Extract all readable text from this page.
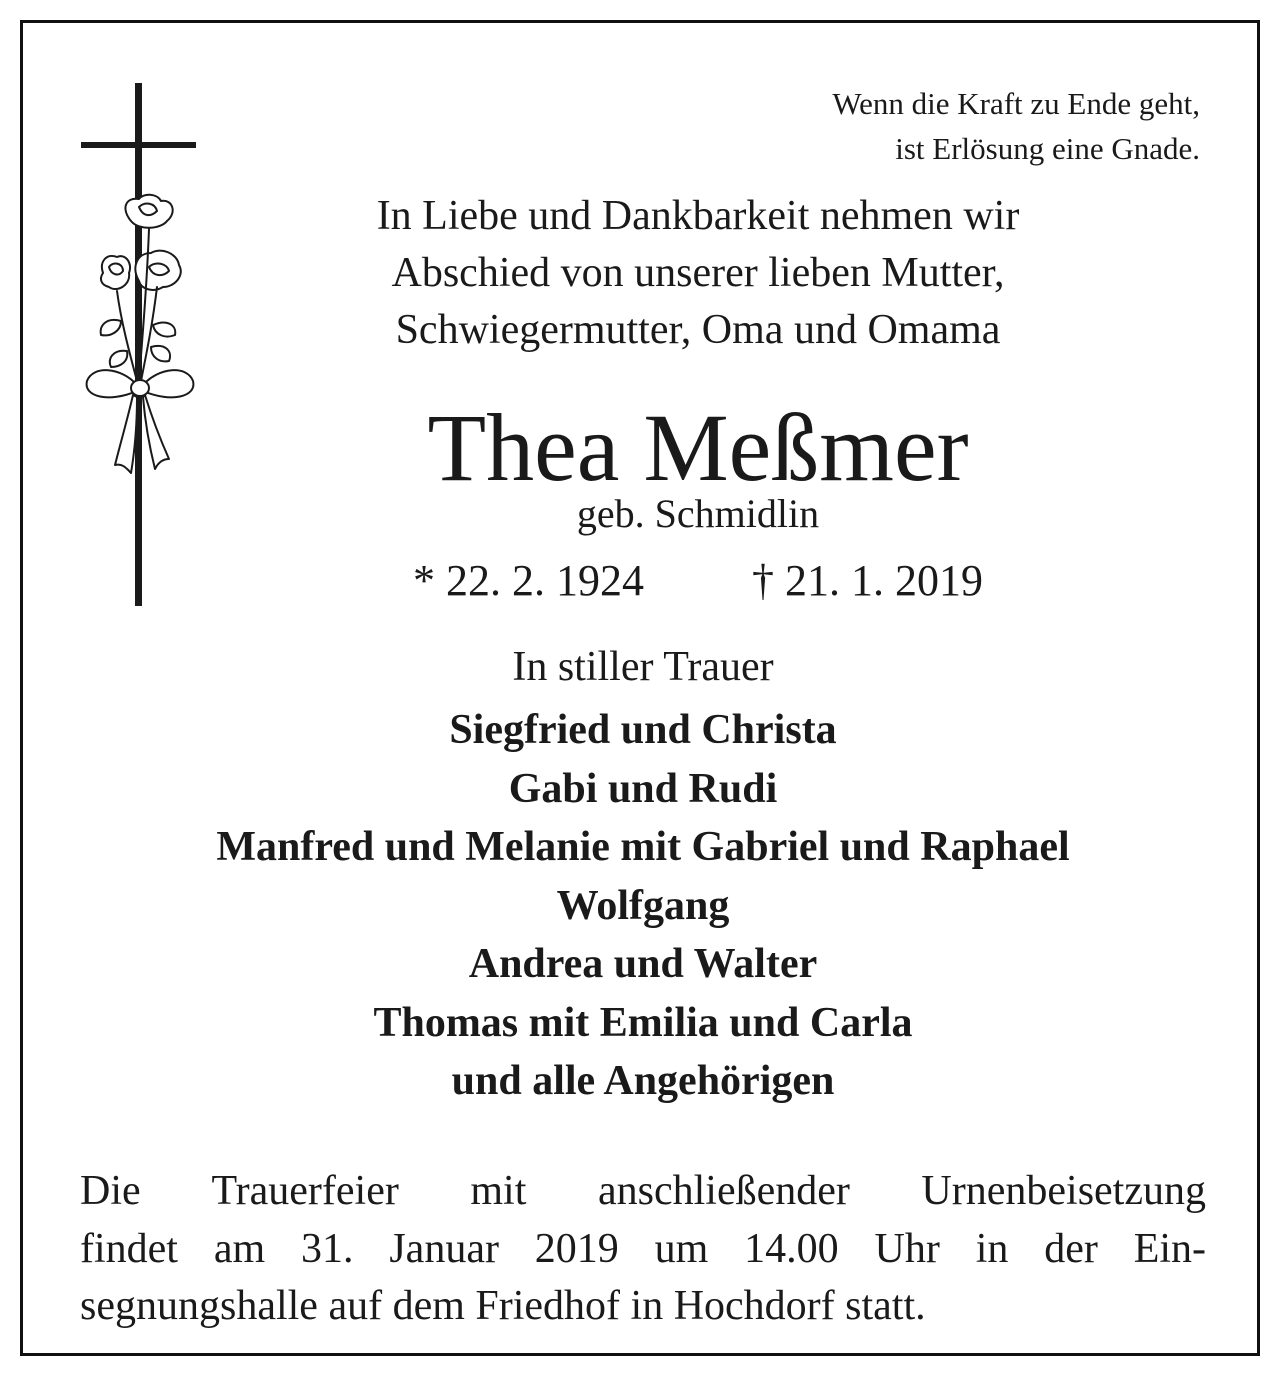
Wenn die Kraft zu Ende geht,
ist Erlösung eine Gnade.
In Liebe und Dankbarkeit nehmen wir
Abschied von unserer lieben Mutter,
Schwiegermutter, Oma und Omama
Thea Meßmer
geb. Schmidlin
* 22. 2. 1924 † 21. 1. 2019
In stiller Trauer
Siegfried und Christa
Gabi und Rudi
Manfred und Melanie mit Gabriel und Raphael
Wolfgang
Andrea und Walter
Thomas mit Emilia und Carla
und alle Angehörigen
Die Trauerfeier mit anschließender Urnenbeisetzung
findet am 31. Januar 2019 um 14.00 Uhr in der Ein-
segnungshalle auf dem Friedhof in Hochdorf statt.
